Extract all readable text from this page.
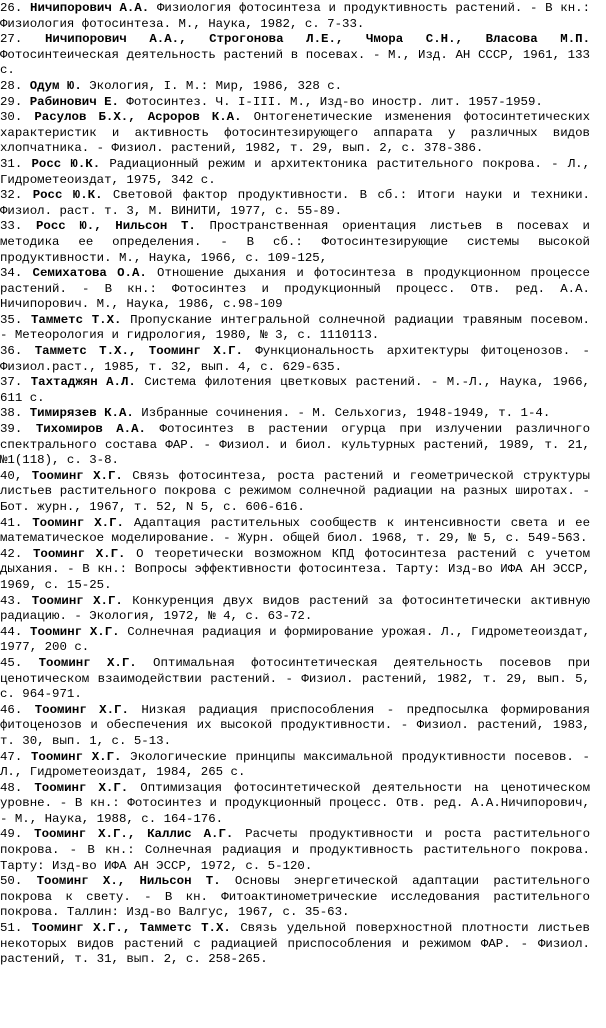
26. Ничипорович А.А. Физиология фотосинтеза и продуктивность растений. - В кн.: Физиология фотосинтеза. М., Наука, 1982, с. 7-33.

27. Ничипорович А.А., Строгонова Л.Е., Чмора С.Н., Власова М.П. Фотосинтеическая деятельность растений в посевах. - М., Изд. АН СССР, 1961, 133 с.

28. Одум Ю. Экология, I. М.: Мир, 1986, 328 с.

29. Рабинович Е. Фотосинтез. Ч. I-III. М., Изд-во иностр. лит. 1957-1959.

30. Расулов Б.Х., Асроров К.А. Онтогенетические изменения фотосинтетических характеристик и активность фотосинтезирующего аппарата у различных видов хлопчатника. - Физиол. растений, 1982, т. 29, вып. 2, с. 378-386.

31. Росс Ю.К. Радиационный режим и архитектоника растительного покрова. - Л., Гидрометеоиздат, 1975, 342 с.

32. Росс Ю.К. Световой фактор продуктивности. В сб.: Итоги науки и техники. Физиол. раст. т. 3, М. ВИНИТИ, 1977, с. 55-89.

33. Росс Ю., Нильсон Т. Пространственная ориентация листьев в посевах и методика ее определения. - В сб.: Фотосинтезирующие системы высокой продуктивности. М., Наука, 1966, с. 109-125,

34. Семихатова О.А. Отношение дыхания и фотосинтеза в продукционном процессе растений. - В кн.: Фотосинтез и продукционный процесс. Отв. ред. А.А. Ничипорович. М., Наука, 1986, с.98-109

35. Тамметс Т.Х. Пропускание интегральной солнечной радиации травяным посевом. - Метеорология и гидрология, 1980, № 3, с. 1110113.

36. Тамметс Т.Х., Тооминг Х.Г. Функциональность архитектуры фитоценозов. - Физиол.раст., 1985, т. 32, вып. 4, с. 629-635.

37. Тахтаджян А.Л. Система филотения цветковых растений. - М.-Л., Наука, 1966, 611 с.

38. Тимирязев К.А. Избранные сочинения. - М. Сельхогиз, 1948-1949, т. 1-4.

39. Тихомиров А.А. Фотосинтез в растении огурца при излучении различного спектрального состава ФАР. - Физиол. и биол. культурных растений, 1989, т. 21, №1(118), с. 3-8.

40, Тооминг Х.Г. Связь фотосинтеза, роста растений и геометрической структуры листьев растительного покрова с режимом солнечной радиации на разных широтах. - Бот. журн., 1967, т. 52, N 5, с. 606-616.

41. Тооминг Х.Г. Адаптация растительных сообществ к интенсивности света и ее математическое моделирование. - Журн. общей биол. 1968, т. 29, № 5, с. 549-563.

42. Тооминг Х.Г. О теоретически возможном КПД фотосинтеза растений с учетом дыхания. - В кн.: Вопросы эффективности фотосинтеза. Тарту: Изд-во ИФА АН ЭССР, 1969, с. 15-25.

43. Тооминг Х.Г. Конкуренция двух видов растений за фотосинтетически активную радиацию. - Экология, 1972, № 4, с. 63-72.

44. Тооминг Х.Г. Солнечная радиация и формирование урожая. Л., Гидрометеоиздат, 1977, 200 с.

45. Тооминг Х.Г. Оптимальная фотосинтетическая деятельность посевов при ценотическом взаимодействии растений. - Физиол. растений, 1982, т. 29, вып. 5, с. 964-971.

46. Тооминг Х.Г. Низкая радиация приспособления - предпосылка формирования фитоценозов и обеспечения их высокой продуктивности. - Физиол. растений, 1983, т. 30, вып. 1, с. 5-13.

47. Тооминг Х.Г. Экологические принципы максимальной продуктивности посевов. - Л., Гидрометеоиздат, 1984, 265 с.

48. Тооминг Х.Г. Оптимизация фотосинтетической деятельности на ценотическом уровне. - В кн.: Фотосинтез и продукционный процесс. Отв. ред. А.А.Ничипорович, - М., Наука, 1988, с. 164-176.

49. Тооминг Х.Г., Каллис А.Г. Расчеты продуктивности и роста растительного покрова. - В кн.: Солнечная радиация и продуктивность растительного покрова. Тарту: Изд-во ИФА АН ЭССР, 1972, с. 5-120.

50. Тооминг Х., Нильсон Т. Основы энергетической адаптации растительного покрова к свету. - В кн. Фитоактинометрические исследования растительного покрова. Таллин: Изд-во Валгус, 1967, с. 35-63.

51. Тооминг Х.Г., Тамметс Т.Х. Связь удельной поверхностной плотности листьев некоторых видов растений с радиацией приспособления и режимом ФАР. - Физиол. растений, т. 31, вып. 2, с. 258-265.
